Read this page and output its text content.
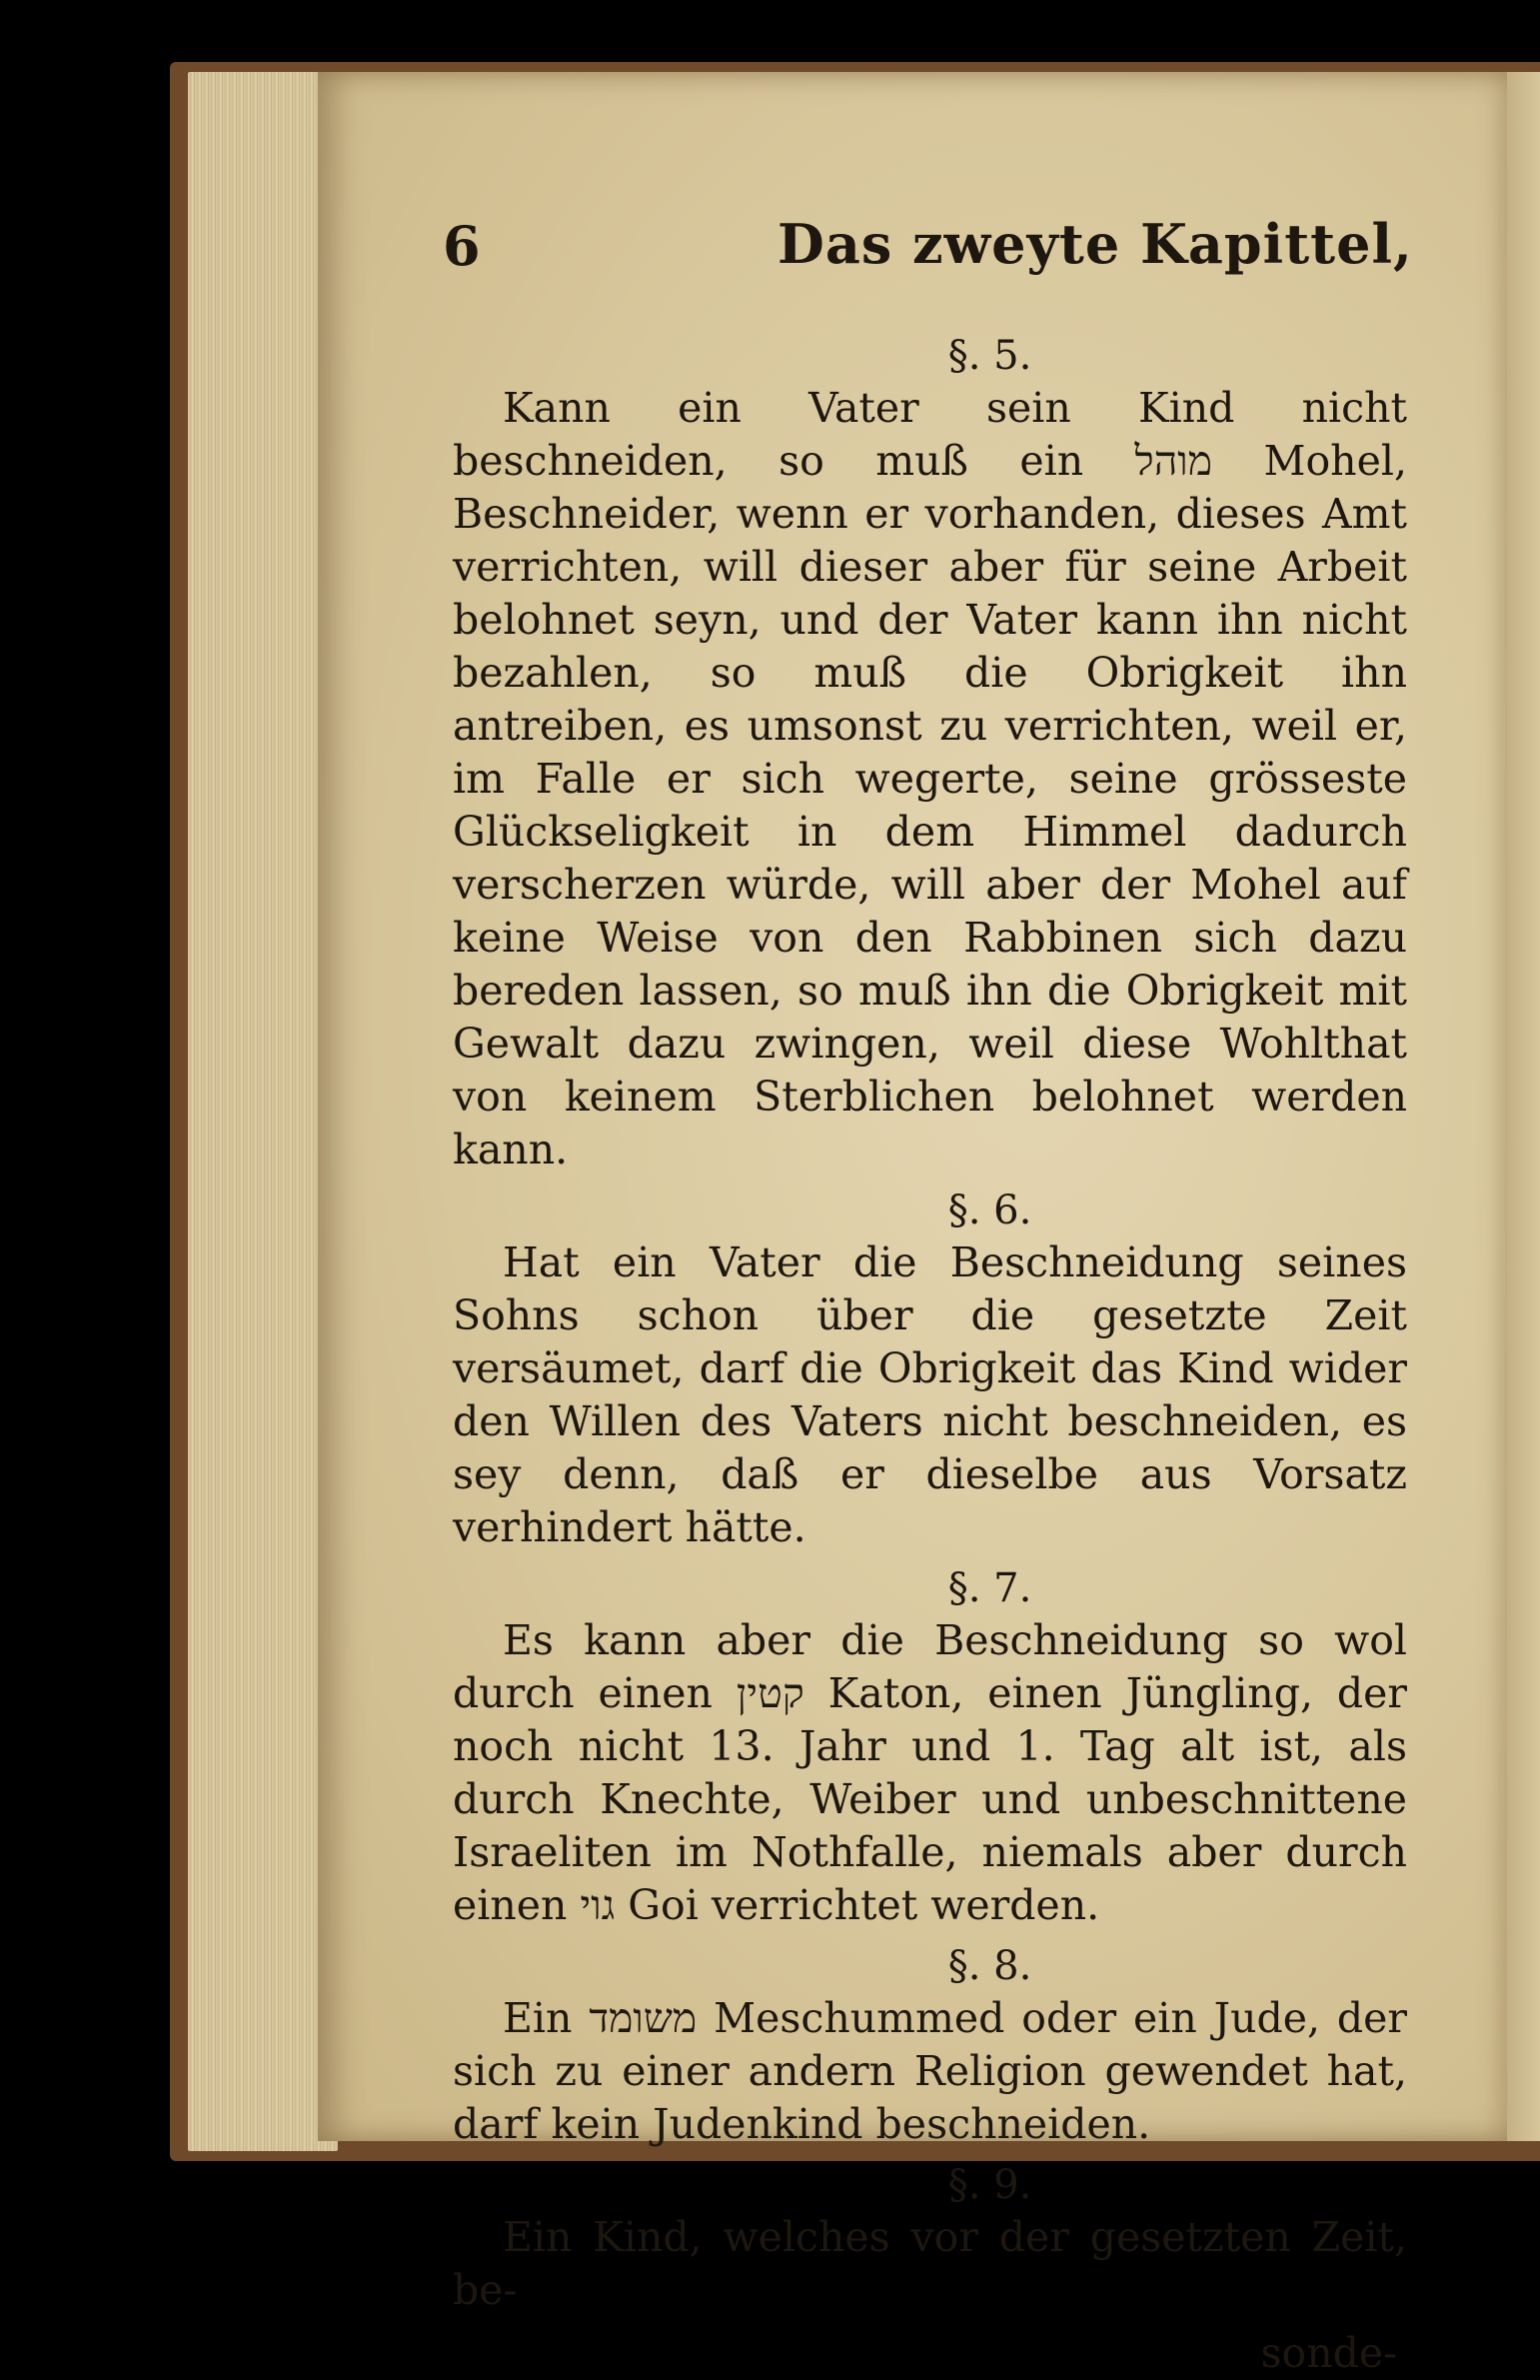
6	Das zweyte Kapittel,
§. 5.

Kann ein Vater sein Kind nicht beschneiden, so muß ein מוהל Mohel, Beschneider, wenn er vorhanden, dieses Amt verrichten, will dieser aber für seine Arbeit belohnet seyn, und der Vater kann ihn nicht bezahlen, so muß die Obrigkeit ihn antreiben, es umsonst zu verrichten, weil er, im Falle er sich wegerte, seine grösseste Glückseligkeit in dem Himmel dadurch verscherzen würde, will aber der Mohel auf keine Weise von den Rabbinen sich dazu bereden lassen, so muß ihn die Obrigkeit mit Gewalt dazu zwingen, weil diese Wohlthat von keinem Sterblichen belohnet werden kann.

§. 6.

Hat ein Vater die Beschneidung seines Sohns schon über die gesetzte Zeit versäumet, darf die Obrigkeit das Kind wider den Willen des Vaters nicht beschneiden, es sey denn, daß er dieselbe aus Vorsatz verhindert hätte.

§. 7.

Es kann aber die Beschneidung so wol durch einen קטין Katon, einen Jüngling, der noch nicht 13. Jahr und 1. Tag alt ist, als durch Knechte, Weiber und unbeschnittene Israeliten im Nothfalle, niemals aber durch einen גוי Goi verrichtet werden.

§. 8.

Ein משומד Meschummed oder ein Jude, der sich zu einer andern Religion gewendet hat, darf kein Judenkind beschneiden.

§. 9.

Ein Kind, welches vor der gesetzten Zeit, be-

sonde-
